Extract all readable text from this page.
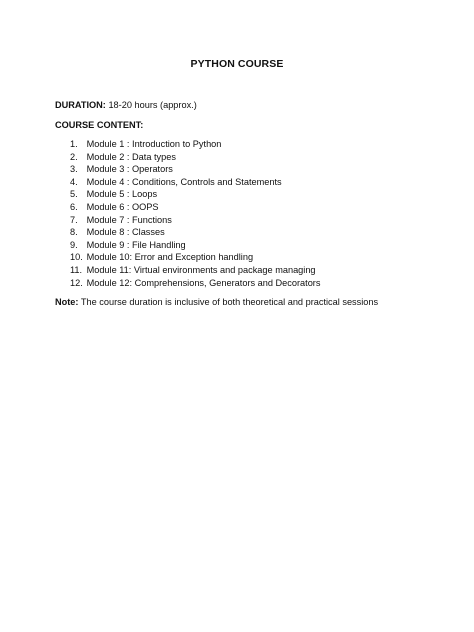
PYTHON COURSE
DURATION: 18-20 hours (approx.)
COURSE CONTENT:
1. Module 1 : Introduction to Python
2. Module 2 : Data types
3. Module 3 : Operators
4. Module 4 : Conditions, Controls and Statements
5. Module 5 : Loops
6. Module 6 : OOPS
7. Module 7 : Functions
8. Module 8 : Classes
9. Module 9 : File Handling
10. Module 10: Error and Exception handling
11. Module 11: Virtual environments and package managing
12. Module 12: Comprehensions, Generators and Decorators
Note: The course duration is inclusive of both theoretical and practical sessions
